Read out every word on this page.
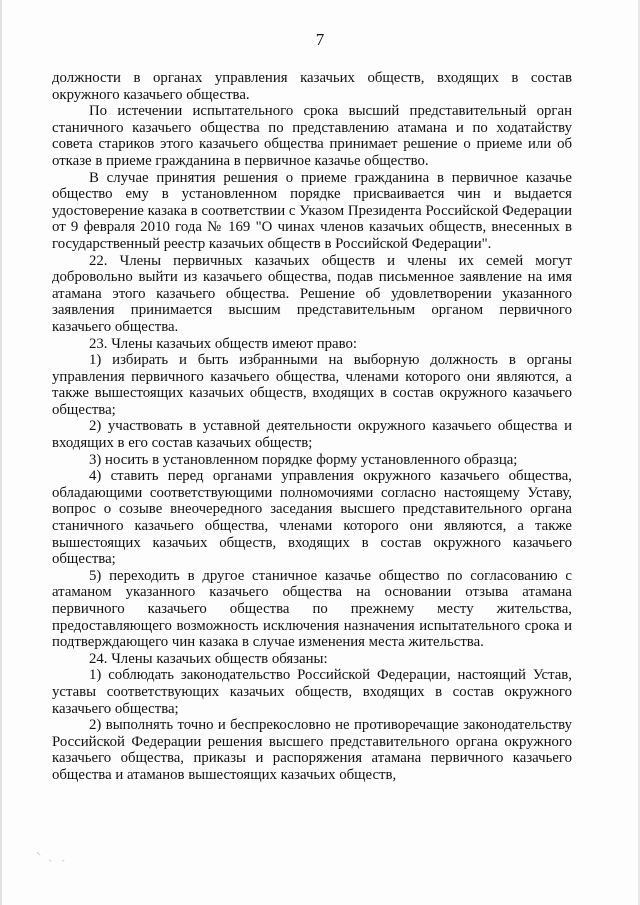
7

должности в органах управления казачьих обществ, входящих в состав окружного казачьего общества.

По истечении испытательного срока высший представительный орган станичного казачьего общества по представлению атамана и по ходатайству совета стариков этого казачьего общества принимает решение о приеме или об отказе в приеме гражданина в первичное казачье общество.

В случае принятия решения о приеме гражданина в первичное казачье общество ему в установленном порядке присваивается чин и выдается удостоверение казака в соответствии с Указом Президента Российской Федерации от 9 февраля 2010 года № 169 "О чинах членов казачьих обществ, внесенных в государственный реестр казачьих обществ в Российской Федерации".

22. Члены первичных казачьих обществ и члены их семей могут добровольно выйти из казачьего общества, подав письменное заявление на имя атамана этого казачьего общества. Решение об удовлетворении указанного заявления принимается высшим представительным органом первичного казачьего общества.

23. Члены казачьих обществ имеют право:

1) избирать и быть избранными на выборную должность в органы управления первичного казачьего общества, членами которого они являются, а также вышестоящих казачьих обществ, входящих в состав окружного казачьего общества;

2) участвовать в уставной деятельности окружного казачьего общества и входящих в его состав казачьих обществ;

3) носить в установленном порядке форму установленного образца;

4) ставить перед органами управления окружного казачьего общества, обладающими соответствующими полномочиями согласно настоящему Уставу, вопрос о созыве внеочередного заседания высшего представительного органа станичного казачьего общества, членами которого они являются, а также вышестоящих казачьих обществ, входящих в состав окружного казачьего общества;

5) переходить в другое станичное казачье общество по согласованию с атаманом указанного казачьего общества на основании отзыва атамана первичного казачьего общества по прежнему месту жительства, предоставляющего возможность исключения назначения испытательного срока и подтверждающего чин казака в случае изменения места жительства.

24. Члены казачьих обществ обязаны:

1) соблюдать законодательство Российской Федерации, настоящий Устав, уставы соответствующих казачьих обществ, входящих в состав окружного казачьего общества;

2) выполнять точно и беспрекословно не противоречащие законодательству Российской Федерации решения высшего представительного органа окружного казачьего общества, приказы и распоряжения атамана первичного казачьего общества и атаманов вышестоящих казачьих обществ,

⸌ ˎ ˏ
